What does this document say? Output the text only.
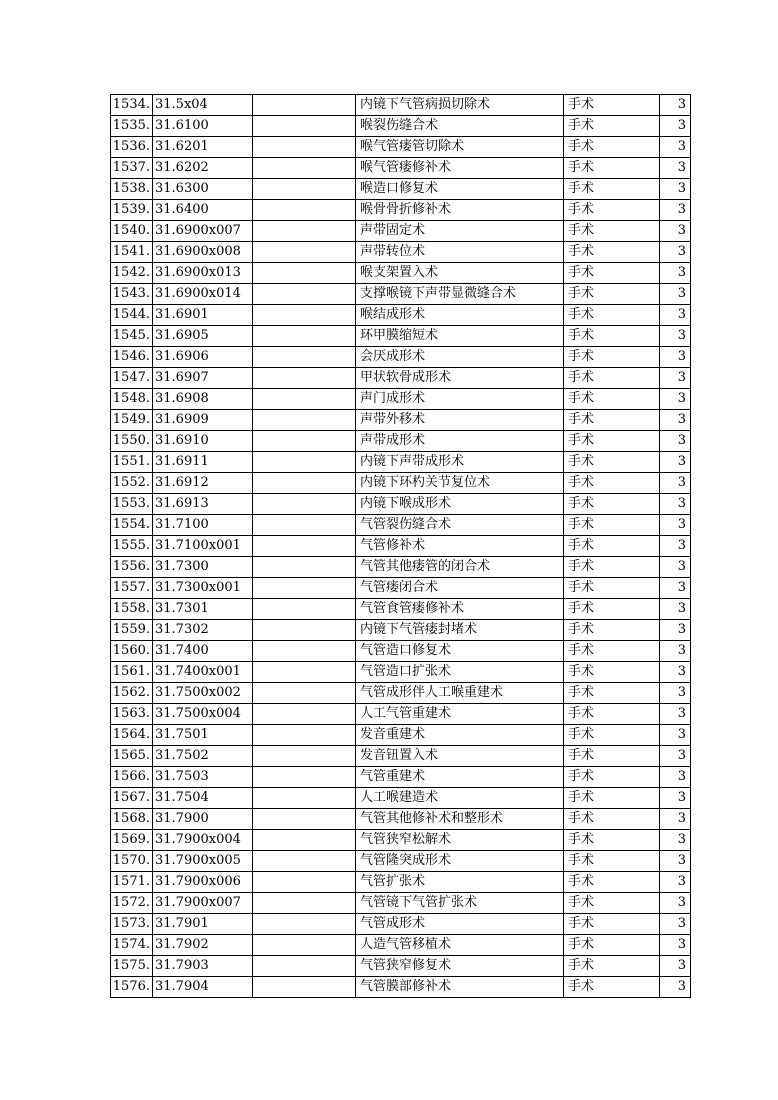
1534.	31.5x04		内镜下气管病损切除术	手术	3
1535.	31.6100		喉裂伤缝合术	手术	3
1536.	31.6201		喉气管瘘管切除术	手术	3
1537.	31.6202		喉气管瘘修补术	手术	3
1538.	31.6300		喉造口修复术	手术	3
1539.	31.6400		喉骨骨折修补术	手术	3
1540.	31.6900x007		声带固定术	手术	3
1541.	31.6900x008		声带转位术	手术	3
1542.	31.6900x013		喉支架置入术	手术	3
1543.	31.6900x014		支撑喉镜下声带显微缝合术	手术	3
1544.	31.6901		喉结成形术	手术	3
1545.	31.6905		环甲膜缩短术	手术	3
1546.	31.6906		会厌成形术	手术	3
1547.	31.6907		甲状软骨成形术	手术	3
1548.	31.6908		声门成形术	手术	3
1549.	31.6909		声带外移术	手术	3
1550.	31.6910		声带成形术	手术	3
1551.	31.6911		内镜下声带成形术	手术	3
1552.	31.6912		内镜下环杓关节复位术	手术	3
1553.	31.6913		内镜下喉成形术	手术	3
1554.	31.7100		气管裂伤缝合术	手术	3
1555.	31.7100x001		气管修补术	手术	3
1556.	31.7300		气管其他瘘管的闭合术	手术	3
1557.	31.7300x001		气管瘘闭合术	手术	3
1558.	31.7301		气管食管瘘修补术	手术	3
1559.	31.7302		内镜下气管瘘封堵术	手术	3
1560.	31.7400		气管造口修复术	手术	3
1561.	31.7400x001		气管造口扩张术	手术	3
1562.	31.7500x002		气管成形伴人工喉重建术	手术	3
1563.	31.7500x004		人工气管重建术	手术	3
1564.	31.7501		发音重建术	手术	3
1565.	31.7502		发音钮置入术	手术	3
1566.	31.7503		气管重建术	手术	3
1567.	31.7504		人工喉建造术	手术	3
1568.	31.7900		气管其他修补术和整形术	手术	3
1569.	31.7900x004		气管狭窄松解术	手术	3
1570.	31.7900x005		气管隆突成形术	手术	3
1571.	31.7900x006		气管扩张术	手术	3
1572.	31.7900x007		气管镜下气管扩张术	手术	3
1573.	31.7901		气管成形术	手术	3
1574.	31.7902		人造气管移植术	手术	3
1575.	31.7903		气管狭窄修复术	手术	3
1576.	31.7904		气管膜部修补术	手术	3
